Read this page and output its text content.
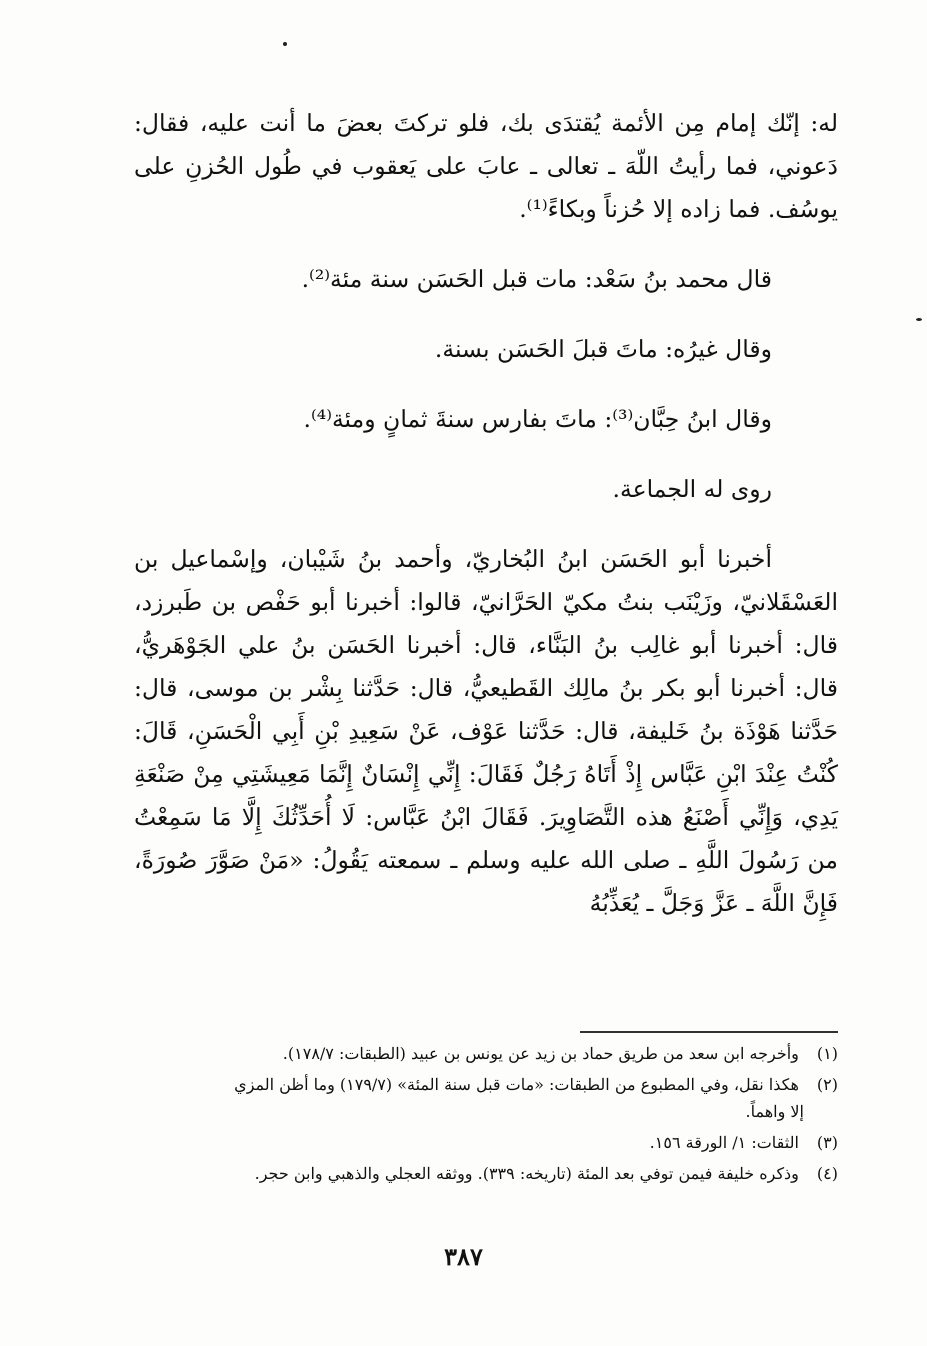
له: إنّك إمام مِن الأئمة يُقتدَى بك، فلو تركتَ بعضَ ما أنت عليه، فقال: دَعوني، فما رأيتُ اللّهَ ـ تعالى ـ عابَ على يَعقوب في طُول الحُزنِ على يوسُف. فما زاده إلا حُزناً وبكاءً⁽¹⁾.

قال محمد بنُ سَعْد: مات قبل الحَسَن سنة مئة⁽²⁾.

وقال غيرُه: ماتَ قبلَ الحَسَن بسنة.

وقال ابنُ حِبَّان⁽³⁾: ماتَ بفارس سنةَ ثمانٍ ومئة⁽⁴⁾.

روى له الجماعة.

أخبرنا أبو الحَسَن ابنُ البُخاريّ، وأحمد بنُ شَيْبان، وإسْماعيل بن العَسْقَلانيّ، وزَيْنَب بنتُ مكيّ الحَرَّانيّ، قالوا: أخبرنا أبو حَفْص بن طَبرزد، قال: أخبرنا أبو غالِب بنُ البَنَّاء، قال: أخبرنا الحَسَن بنُ علي الجَوْهَريُّ، قال: أخبرنا أبو بكر بنُ مالِك القَطيعيُّ، قال: حَدَّثنا بِشْر بن موسى، قال: حَدَّثنا هَوْذَة بنُ خَليفة، قال: حَدَّثنا عَوْف، عَنْ سَعِيدِ بْنِ أَبِي الْحَسَنِ، قَالَ: كُنْتُ عِنْدَ ابْنِ عَبَّاس إِذْ أَتَاهُ رَجُلٌ فَقَالَ: إِنِّي إِنْسَانٌ إِنَّمَا مَعِيشَتِي مِنْ صَنْعَةِ يَدِي، وَإِنِّي أَصْنَعُ هذه التَّصَاوِيرَ. فَقَالَ ابْنُ عَبَّاس: لَا أُحَدِّثُكَ إِلَّا مَا سَمِعْتُ من رَسُولَ اللَّهِ ـ صلى الله عليه وسلم ـ سمعته يَقُولُ: «مَنْ صَوَّرَ صُورَةً، فَإِنَّ اللَّهَ ـ عَزَّ وَجَلَّ ـ يُعَذِّبُهُ

(١) وأخرجه ابن سعد من طريق حماد بن زيد عن يونس بن عبيد (الطبقات: ١٧٨/٧).

(٢) هكذا نقل، وفي المطبوع من الطبقات: «مات قبل سنة المئة» (١٧٩/٧) وما أظن المزي
إلا واهماً.

(٣) الثقات: ١/ الورقة ١٥٦.

(٤) وذكره خليفة فيمن توفي بعد المئة (تاريخه: ٣٣٩). ووثقه العجلي والذهبي وابن حجر.

٣٨٧
